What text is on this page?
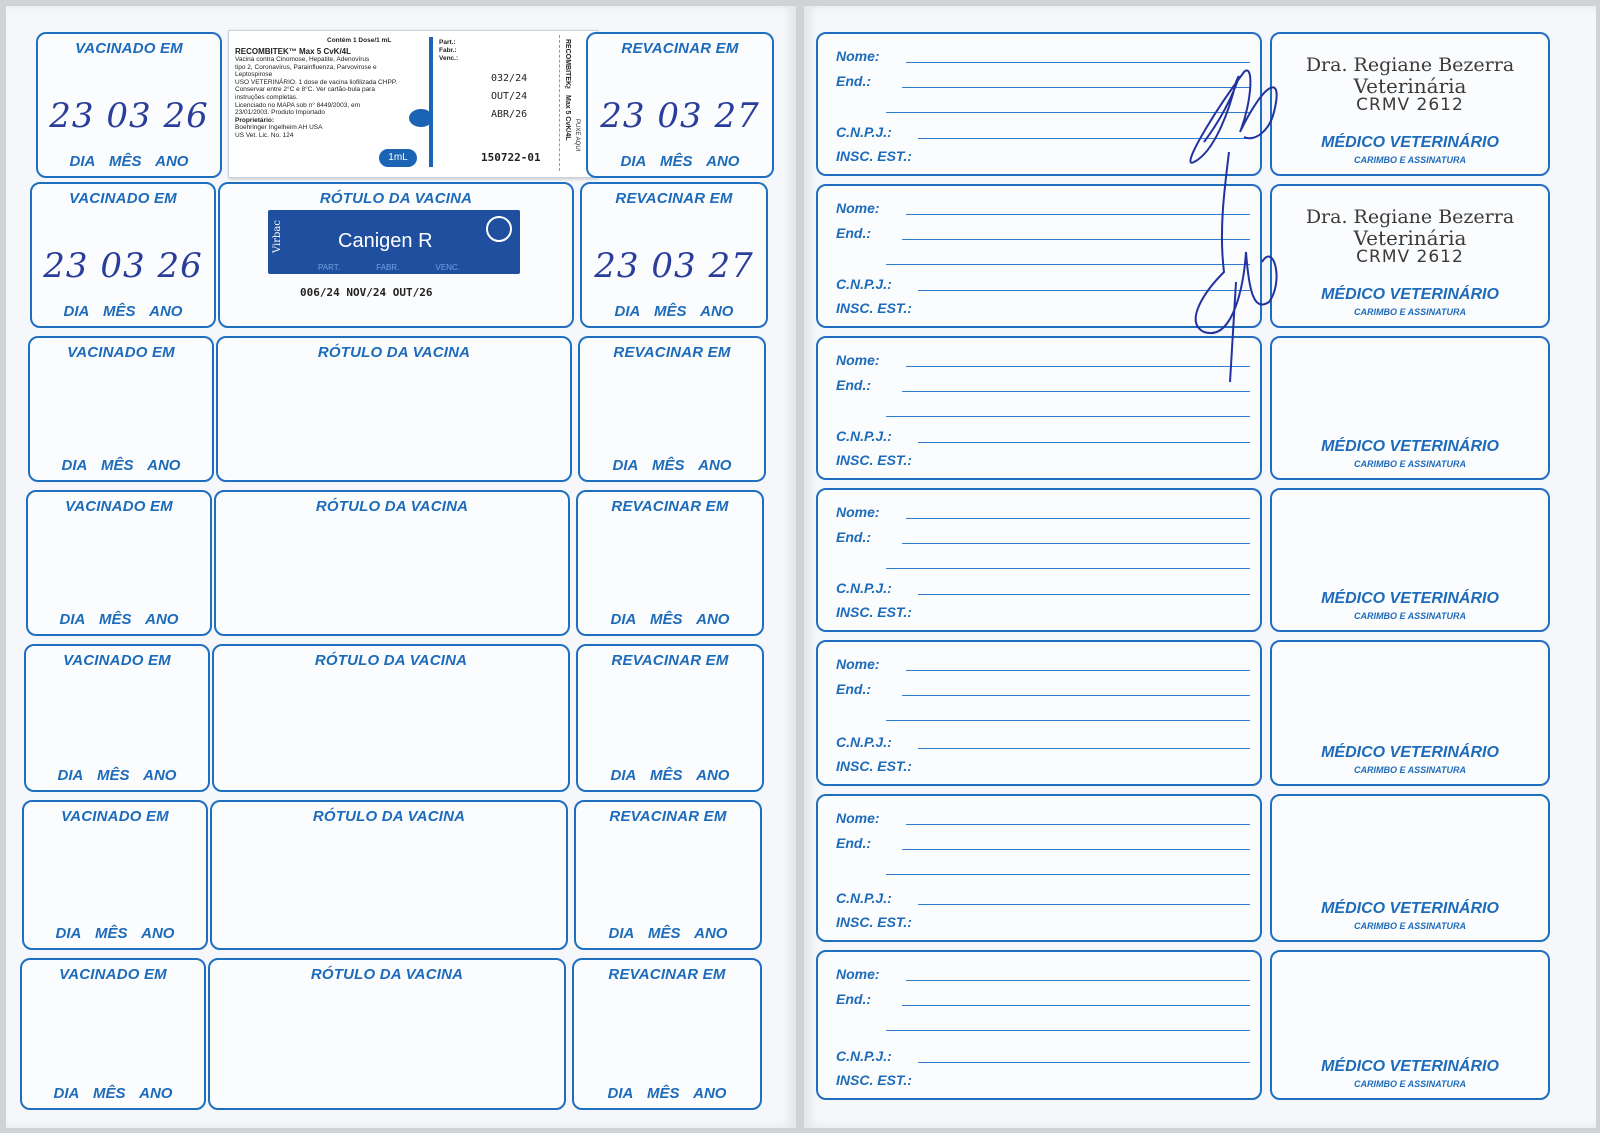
VACINADO EM
23 03 26
DIA MÊS ANO
Contém 1 Dose/1 mL
RECOMBITEK™ Max 5 CvK/4L
Vacina contra Cinomose, Hepatite, Adenovírus
tipo 2, Coronavírus, Parainfluenza, Parvovirose e
Leptospirose
USO VETERINÁRIO. 1 dose de vacina liofilizada CHPP.
Conservar entre 2°C e 8°C. Ver cartão-bula para
instruções completas.
Licenciado no MAPA sob n° 8449/2003, em
23/01/2003. Produto Importado
Proprietário:
Boehringer Ingelheim AH USA
US Vet. Lic. No. 124
1mL
Part.:
Fabr.:
Venc.:
032/24
OUT/24
ABR/26
150722-01
RECOMBITEK™ Max 5 CvK/4L PUXE AQUI
REVACINAR EM
23 03 27
DIA MÊS ANO
VACINADO EM
23 03 26
DIA MÊS ANO
RÓTULO DA VACINA
Virbac	Canigen R
PART.	FABR.	VENC.
006/24 NOV/24 OUT/26
REVACINAR EM
23 03 27
DIA MÊS ANO
VACINADO EM
DIA MÊS ANO
RÓTULO DA VACINA	REVACINAR EM
DIA MÊS ANO
VACINADO EM
DIA MÊS ANO
RÓTULO DA VACINA	REVACINAR EM
DIA MÊS ANO
VACINADO EM
DIA MÊS ANO
RÓTULO DA VACINA	REVACINAR EM
DIA MÊS ANO
VACINADO EM
DIA MÊS ANO
RÓTULO DA VACINA	REVACINAR EM
DIA MÊS ANO
VACINADO EM
DIA MÊS ANO
RÓTULO DA VACINA	REVACINAR EM
DIA MÊS ANO
Nome:
End.:
C.N.P.J.:
INSC. EST.:
Dra. Regiane Bezerra
Veterinária
CRMV 2612
MÉDICO VETERINÁRIO
CARIMBO E ASSINATURA
Nome:
End.:
C.N.P.J.:
INSC. EST.:
Dra. Regiane Bezerra
Veterinária
CRMV 2612
MÉDICO VETERINÁRIO
CARIMBO E ASSINATURA
Nome:
End.:
C.N.P.J.:
INSC. EST.:
MÉDICO VETERINÁRIO
CARIMBO E ASSINATURA
Nome:
End.:
C.N.P.J.:
INSC. EST.:
MÉDICO VETERINÁRIO
CARIMBO E ASSINATURA
Nome:
End.:
C.N.P.J.:
INSC. EST.:
MÉDICO VETERINÁRIO
CARIMBO E ASSINATURA
Nome:
End.:
C.N.P.J.:
INSC. EST.:
MÉDICO VETERINÁRIO
CARIMBO E ASSINATURA
Nome:
End.:
C.N.P.J.:
INSC. EST.:
MÉDICO VETERINÁRIO
CARIMBO E ASSINATURA
